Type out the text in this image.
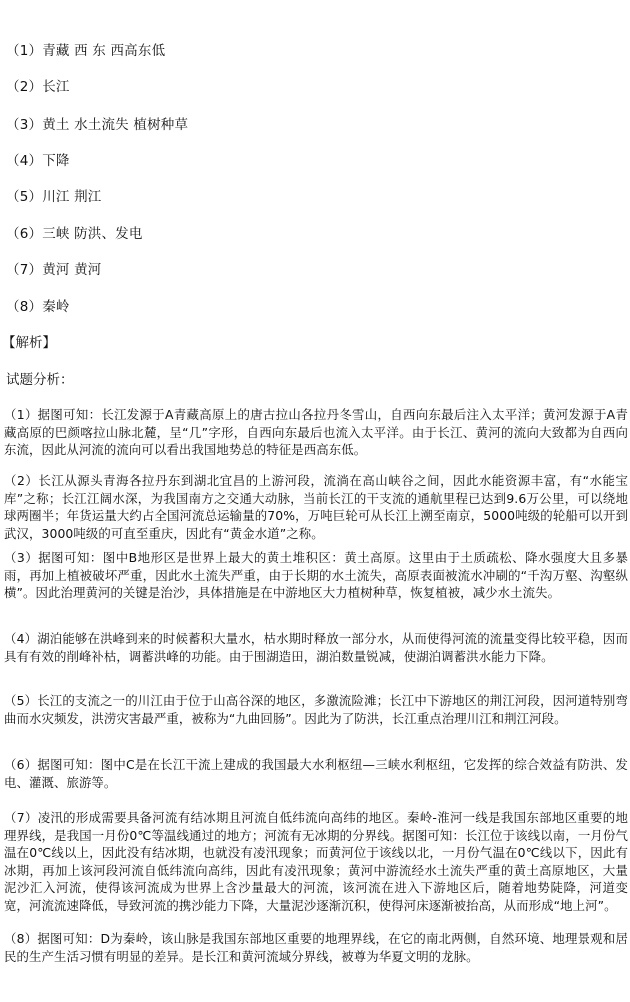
（1）青藏 西 东 西高东低
（2）长江
（3）黄土 水土流失 植树种草
（4）下降
（5）川江 荆江
（6）三峡 防洪、发电
（7）黄河 黄河
（8）秦岭
【解析】
试题分析：
（1）据图可知：长江发源于A青藏高原上的唐古拉山各拉丹冬雪山，自西向东最后注入太平洋；黄河发源于A青藏高原的巴颜喀拉山脉北麓，呈“几”字形，自西向东最后也流入太平洋。由于长江、黄河的流向大致都为自西向东流，因此从河流的流向可以看出我国地势总的特征是西高东低。
（2）长江从源头青海各拉丹东到湖北宜昌的上游河段，流淌在高山峡谷之间，因此水能资源丰富，有“水能宝库”之称；长江江阔水深，为我国南方之交通大动脉，当前长江的干支流的通航里程已达到9.6万公里，可以绕地球两圈半；年货运量大约占全国河流总运输量的70%，万吨巨轮可从长江上溯至南京，5000吨级的轮船可以开到武汉，3000吨级的可直至重庆，因此有“黄金水道”之称。
（3）据图可知：图中B地形区是世界上最大的黄土堆积区：黄土高原。这里由于土质疏松、降水强度大且多暴雨，再加上植被破坏严重，因此水土流失严重，由于长期的水土流失，高原表面被流水冲刷的“千沟万壑、沟壑纵横”。因此治理黄河的关键是治沙，具体措施是在中游地区大力植树种草，恢复植被，减少水土流失。
（4）湖泊能够在洪峰到来的时候蓄积大量水，枯水期时释放一部分水，从而使得河流的流量变得比较平稳，因而具有有效的削峰补枯，调蓄洪峰的功能。由于围湖造田，湖泊数量锐减，使湖泊调蓄洪水能力下降。
（5）长江的支流之一的川江由于位于山高谷深的地区，多激流险滩；长江中下游地区的荆江河段，因河道特别弯曲而水灾频发，洪涝灾害最严重，被称为“九曲回肠”。因此为了防洪，长江重点治理川江和荆江河段。
（6）据图可知：图中C是在长江干流上建成的我国最大水利枢纽—三峡水利枢纽，它发挥的综合效益有防洪、发电、灌溉、旅游等。
（7）凌汛的形成需要具备河流有结冰期且河流自低纬流向高纬的地区。秦岭-淮河一线是我国东部地区重要的地理界线，是我国一月份0℃等温线通过的地方；河流有无冰期的分界线。据图可知：长江位于该线以南，一月份气温在0℃线以上，因此没有结冰期，也就没有凌汛现象；而黄河位于该线以北，一月份气温在0℃线以下，因此有冰期，再加上该河段河流自低纬流向高纬，因此有凌汛现象；黄河中游流经水土流失严重的黄土高原地区，大量泥沙汇入河流，使得该河流成为世界上含沙量最大的河流，该河流在进入下游地区后，随着地势陡降，河道变宽，河流流速降低，导致河流的携沙能力下降，大量泥沙逐渐沉积，使得河床逐渐被抬高，从而形成“地上河”。
（8）据图可知：D为秦岭，该山脉是我国东部地区重要的地理界线，在它的南北两侧，自然环境、地理景观和居民的生产生活习惯有明显的差异。是长江和黄河流域分界线，被尊为华夏文明的龙脉。
